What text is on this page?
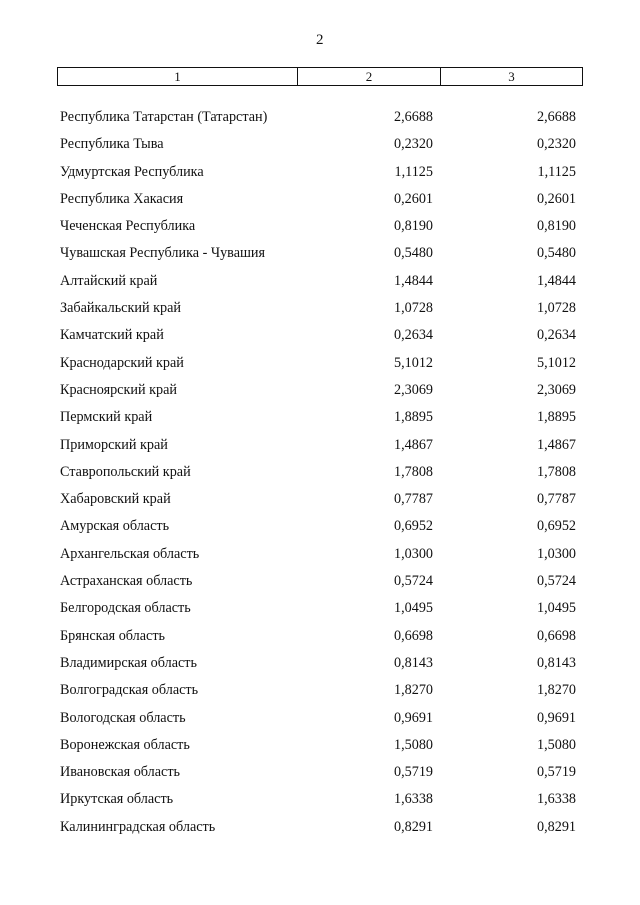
2
1	2	3
Республика Татарстан (Татарстан)	2,6688	2,6688
Республика Тыва	0,2320	0,2320
Удмуртская Республика	1,1125	1,1125
Республика Хакасия	0,2601	0,2601
Чеченская Республика	0,8190	0,8190
Чувашская Республика - Чувашия	0,5480	0,5480
Алтайский край	1,4844	1,4844
Забайкальский край	1,0728	1,0728
Камчатский край	0,2634	0,2634
Краснодарский край	5,1012	5,1012
Красноярский край	2,3069	2,3069
Пермский край	1,8895	1,8895
Приморский край	1,4867	1,4867
Ставропольский край	1,7808	1,7808
Хабаровский край	0,7787	0,7787
Амурская область	0,6952	0,6952
Архангельская область	1,0300	1,0300
Астраханская область	0,5724	0,5724
Белгородская область	1,0495	1,0495
Брянская область	0,6698	0,6698
Владимирская область	0,8143	0,8143
Волгоградская область	1,8270	1,8270
Вологодская область	0,9691	0,9691
Воронежская область	1,5080	1,5080
Ивановская область	0,5719	0,5719
Иркутская область	1,6338	1,6338
Калининградская область	0,8291	0,8291
